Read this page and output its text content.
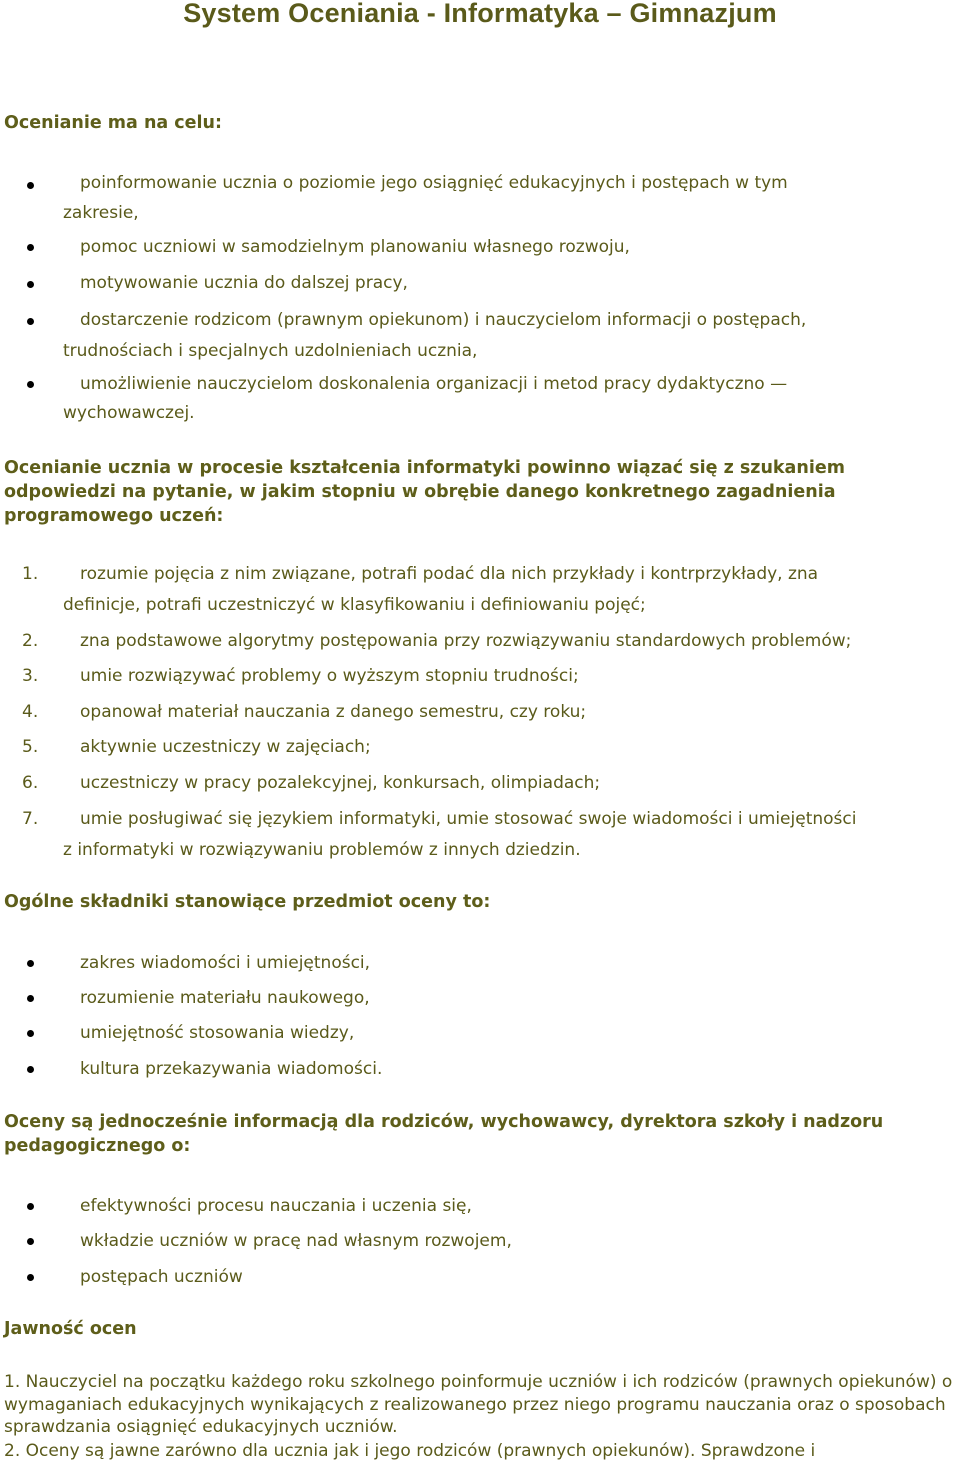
System Oceniania - Informatyka – Gimnazjum
Ocenianie ma na celu:
poinformowanie ucznia o poziomie jego osiągnięć edukacyjnych i postępach w tym
zakresie,
pomoc uczniowi w samodzielnym planowaniu własnego rozwoju,
motywowanie ucznia do dalszej pracy,
dostarczenie rodzicom (prawnym opiekunom) i nauczycielom informacji o postępach,
trudnościach i specjalnych uzdolnieniach ucznia,
umożliwienie nauczycielom doskonalenia organizacji i metod pracy dydaktyczno —
wychowawczej.
Ocenianie ucznia w procesie kształcenia informatyki powinno wiązać się z szukaniem odpowiedzi na pytanie, w jakim stopniu w obrębie danego konkretnego zagadnienia programowego uczeń:
1. rozumie pojęcia z nim związane, potrafi podać dla nich przykłady i kontrprzykłady, zna
definicje, potrafi uczestniczyć w klasyfikowaniu i definiowaniu pojęć;
2. zna podstawowe algorytmy postępowania przy rozwiązywaniu standardowych problemów;
3. umie rozwiązywać problemy o wyższym stopniu trudności;
4. opanował materiał nauczania z danego semestru, czy roku;
5. aktywnie uczestniczy w zajęciach;
6. uczestniczy w pracy pozalekcyjnej, konkursach, olimpiadach;
7. umie posługiwać się językiem informatyki, umie stosować swoje wiadomości i umiejętności
z informatyki w rozwiązywaniu problemów z innych dziedzin.
Ogólne składniki stanowiące przedmiot oceny to:
zakres wiadomości i umiejętności,
rozumienie materiału naukowego,
umiejętność stosowania wiedzy,
kultura przekazywania wiadomości.
Oceny są jednocześnie informacją dla rodziców, wychowawcy, dyrektora szkoły i nadzoru pedagogicznego o:
efektywności procesu nauczania i uczenia się,
wkładzie uczniów w pracę nad własnym rozwojem,
postępach uczniów
Jawność ocen
1. Nauczyciel na początku każdego roku szkolnego poinformuje uczniów i ich rodziców (prawnych opiekunów) o wymaganiach edukacyjnych wynikających z realizowanego przez niego programu nauczania oraz o sposobach sprawdzania osiągnięć edukacyjnych uczniów.
2. Oceny są jawne zarówno dla ucznia jak i jego rodziców (prawnych opiekunów). Sprawdzone i
